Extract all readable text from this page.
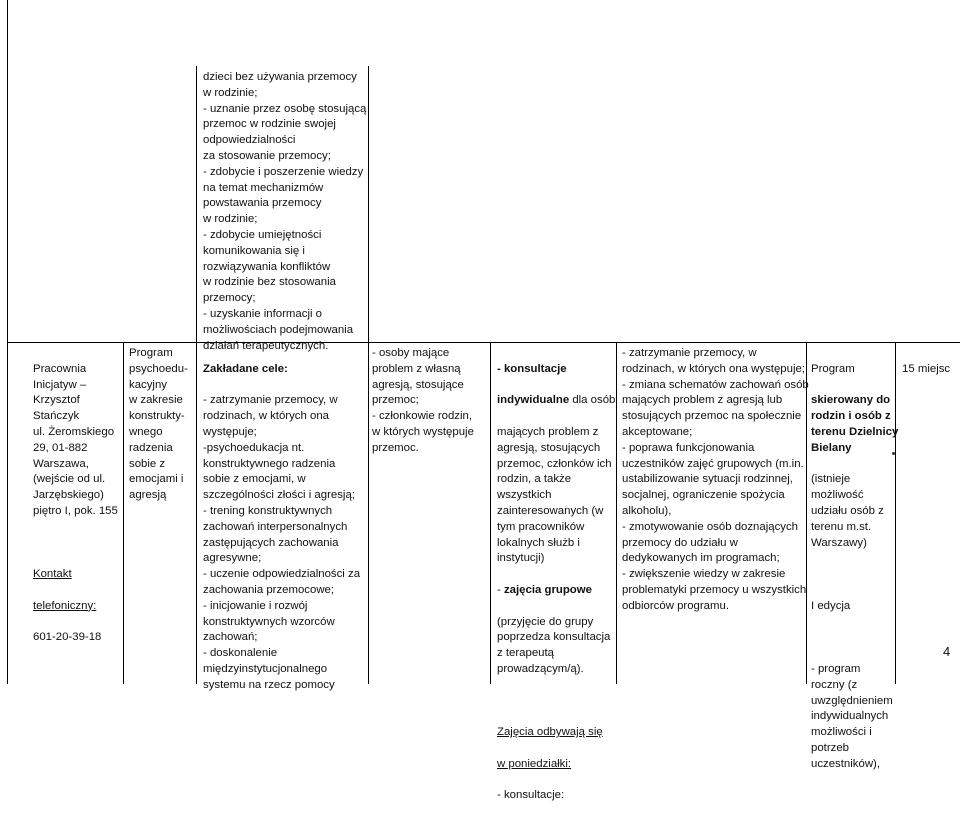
dzieci bez używania przemocy
w rodzinie;
- uznanie przez osobę stosującą
przemoc w rodzinie swojej
odpowiedzialności
za stosowanie przemocy;
- zdobycie i poszerzenie wiedzy
na temat mechanizmów
powstawania przemocy
w rodzinie;
- zdobycie umiejętności
komunikowania się i
rozwiązywania konfliktów
w rodzinie bez stosowania
przemocy;
- uzyskanie informacji o
możliwościach podejmowania
działań terapeutycznych.

Pracownia
Inicjatyw –
Krzysztof
Stańczyk
ul. Żeromskiego
29, 01-882
Warszawa,
(wejście od ul.
Jarzębskiego)
piętro I, pok. 155

Kontakt

telefoniczny:

601-20-39-18

Program
psychoedu-
kacyjny
w zakresie
konstrukty-
wnego
radzenia
sobie z
emocjami i
agresją

Zakładane cele:

- zatrzymanie przemocy, w
rodzinach, w których ona
występuje;
-psychoedukacja nt.
konstruktywnego radzenia
sobie z emocjami, w
szczególności złości i agresją;
- trening konstruktywnych
zachowań interpersonalnych
zastępujących zachowania
agresywne;
- uczenie odpowiedzialności za
zachowania przemocowe;
- inicjowanie i rozwój
konstruktywnych wzorców
zachowań;
- doskonalenie
międzyinstytucjonalnego
systemu na rzecz pomocy

- osoby mające
problem z własną
agresją, stosujące
przemoc;
- członkowie rodzin,
w których występuje
przemoc.

- konsultacje

indywidualne dla osób

mających problem z
agresją, stosujących
przemoc, członków ich
rodzin, a także
wszystkich
zainteresowanych (w
tym pracowników
lokalnych służb i
instytucji)

- zajęcia grupowe

(przyjęcie do grupy
poprzedza konsultacja
z terapeutą
prowadzącym/ą).

Zajęcia odbywają się

w poniedziałki:

- konsultacje:

- zatrzymanie przemocy, w
rodzinach, w których ona występuje;
- zmiana schematów zachowań osób
mających problem z agresją lub
stosujących przemoc na społecznie
akceptowane;
- poprawa funkcjonowania
uczestników zajęć grupowych (m.in.
ustabilizowanie sytuacji rodzinnej,
socjalnej, ograniczenie spożycia
alkoholu),
- zmotywowanie osób doznających
przemocy do udziału w
dedykowanych im programach;
- zwiększenie wiedzy w zakresie
problematyki przemocy u wszystkich
odbiorców programu.

Program

skierowany do
rodzin i osób z
terenu Dzielnicy
Bielany

(istnieje
możliwość
udziału osób z
terenu m.st.
Warszawy)

I edycja

- program
roczny (z
uwzględnieniem
indywidualnych
możliwości i
potrzeb
uczestników),

15 miejsc

4
